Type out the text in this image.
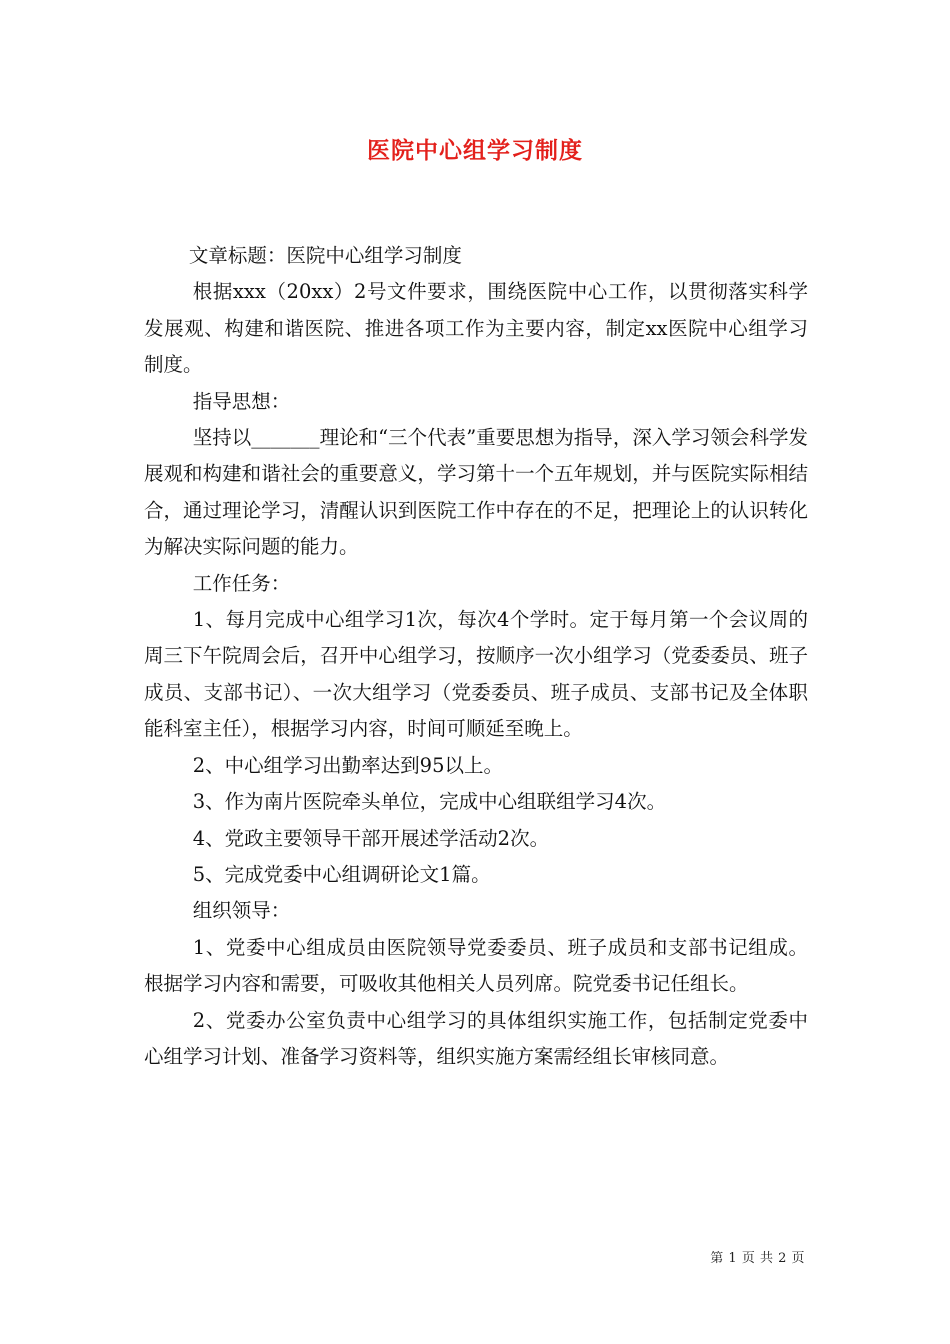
医院中心组学习制度

文章标题：医院中心组学习制度

根据xxx（20xx）2号文件要求，围绕医院中心工作，以贯彻落实科学发展观、构建和谐医院、推进各项工作为主要内容，制定xx医院中心组学习制度。

指导思想：

坚持以_______理论和“三个代表”重要思想为指导，深入学习领会科学发展观和构建和谐社会的重要意义，学习第十一个五年规划，并与医院实际相结合，通过理论学习，清醒认识到医院工作中存在的不足，把理论上的认识转化为解决实际问题的能力。

工作任务：

1、每月完成中心组学习1次，每次4个学时。定于每月第一个会议周的周三下午院周会后，召开中心组学习，按顺序一次小组学习（党委委员、班子成员、支部书记）、一次大组学习（党委委员、班子成员、支部书记及全体职能科室主任），根据学习内容，时间可顺延至晚上。

2、中心组学习出勤率达到95以上。

3、作为南片医院牵头单位，完成中心组联组学习4次。

4、党政主要领导干部开展述学活动2次。

5、完成党委中心组调研论文1篇。

组织领导：

1、党委中心组成员由医院领导党委委员、班子成员和支部书记组成。根据学习内容和需要，可吸收其他相关人员列席。院党委书记任组长。

2、党委办公室负责中心组学习的具体组织实施工作，包括制定党委中心组学习计划、准备学习资料等，组织实施方案需经组长审核同意。

第 1 页 共 2 页
